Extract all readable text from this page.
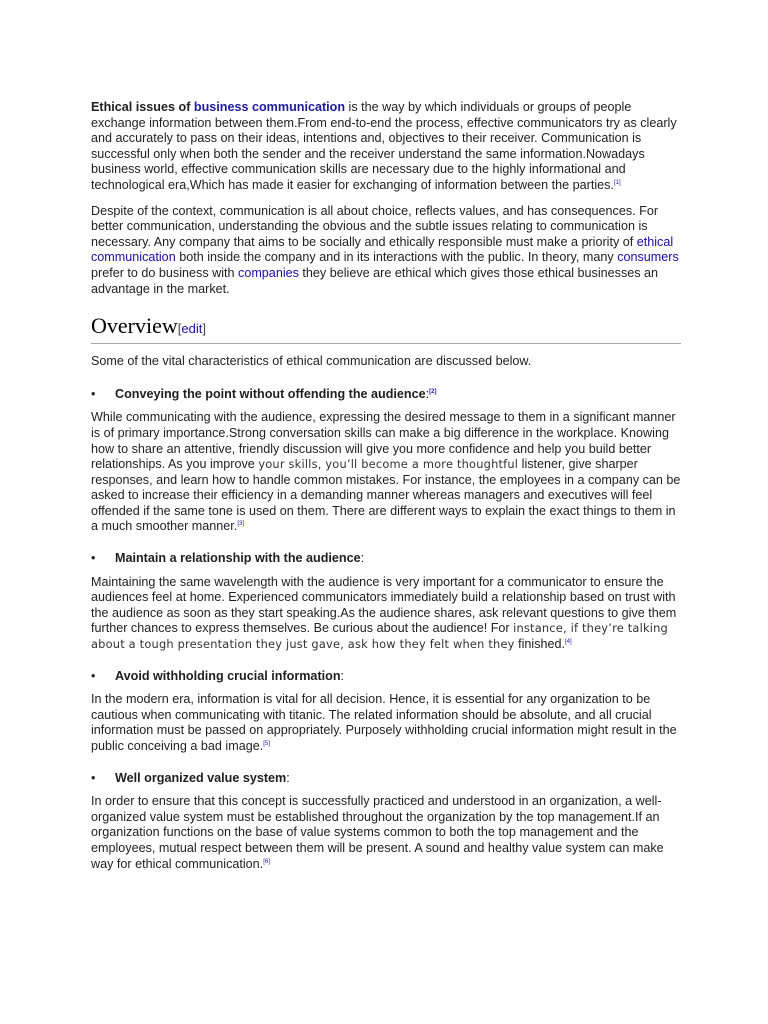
Ethical issues of business communication is the way by which individuals or groups of people exchange information between them.From end-to-end the process, effective communicators try as clearly and accurately to pass on their ideas, intentions and, objectives to their receiver. Communication is successful only when both the sender and the receiver understand the same information.Nowadays business world, effective communication skills are necessary due to the highly informational and technological era,Which has made it easier for exchanging of information between the parties.[1]

Despite of the context, communication is all about choice, reflects values, and has consequences. For better communication, understanding the obvious and the subtle issues relating to communication is necessary. Any company that aims to be socially and ethically responsible must make a priority of ethical communication both inside the company and in its interactions with the public. In theory, many consumers prefer to do business with companies they believe are ethical which gives those ethical businesses an advantage in the market.

Overview[edit]

Some of the vital characteristics of ethical communication are discussed below.

• Conveying the point without offending the audience:[2]

While communicating with the audience, expressing the desired message to them in a significant manner is of primary importance.Strong conversation skills can make a big difference in the workplace. Knowing how to share an attentive, friendly discussion will give you more confidence and help you build better relationships. As you improve your skills, you’ll become a more thoughtful listener, give sharper responses, and learn how to handle common mistakes. For instance, the employees in a company can be asked to increase their efficiency in a demanding manner whereas managers and executives will feel offended if the same tone is used on them. There are different ways to explain the exact things to them in a much smoother manner.[3]

• Maintain a relationship with the audience:

Maintaining the same wavelength with the audience is very important for a communicator to ensure the audiences feel at home. Experienced communicators immediately build a relationship based on trust with the audience as soon as they start speaking.As the audience shares, ask relevant questions to give them further chances to express themselves. Be curious about the audience! For instance, if they’re talking about a tough presentation they just gave, ask how they felt when they finished.[4]

• Avoid withholding crucial information:

In the modern era, information is vital for all decision. Hence, it is essential for any organization to be cautious when communicating with titanic. The related information should be absolute, and all crucial information must be passed on appropriately. Purposely withholding crucial information might result in the public conceiving a bad image.[5]

• Well organized value system:

In order to ensure that this concept is successfully practiced and understood in an organization, a well-organized value system must be established throughout the organization by the top management.If an organization functions on the base of value systems common to both the top management and the employees, mutual respect between them will be present. A sound and healthy value system can make way for ethical communication.[6]
